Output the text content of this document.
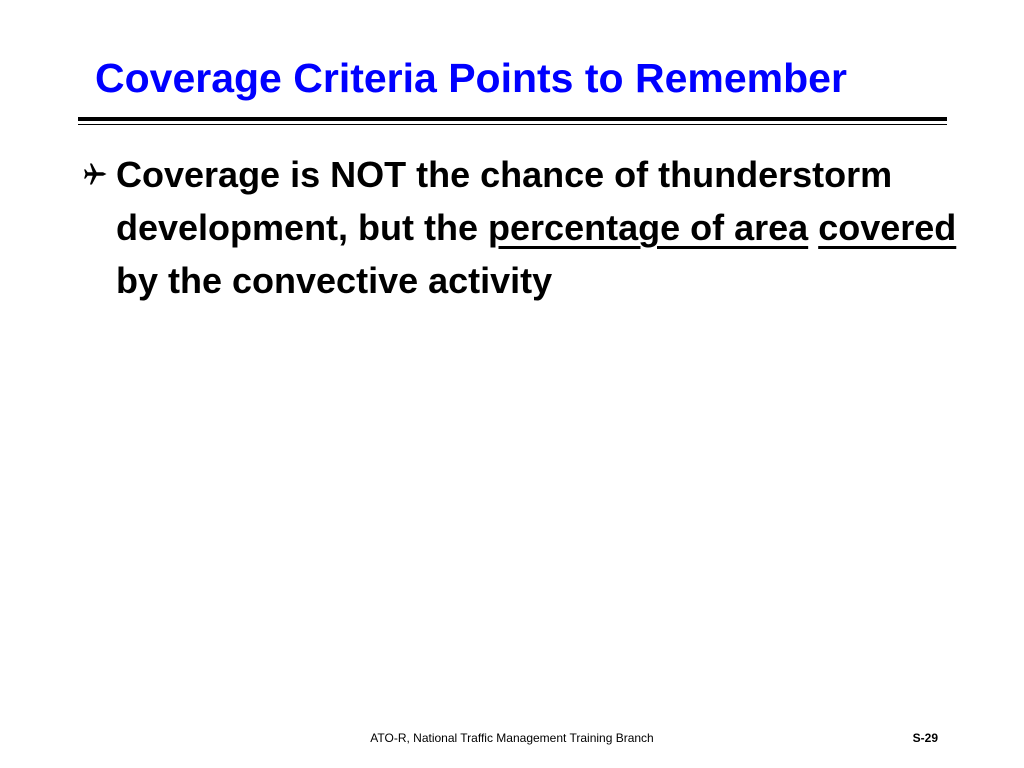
Coverage Criteria Points to Remember

Coverage is NOT the chance of thunderstorm development, but the percentage of area covered by the convective activity

ATO-R, National Traffic Management Training Branch	S-29
